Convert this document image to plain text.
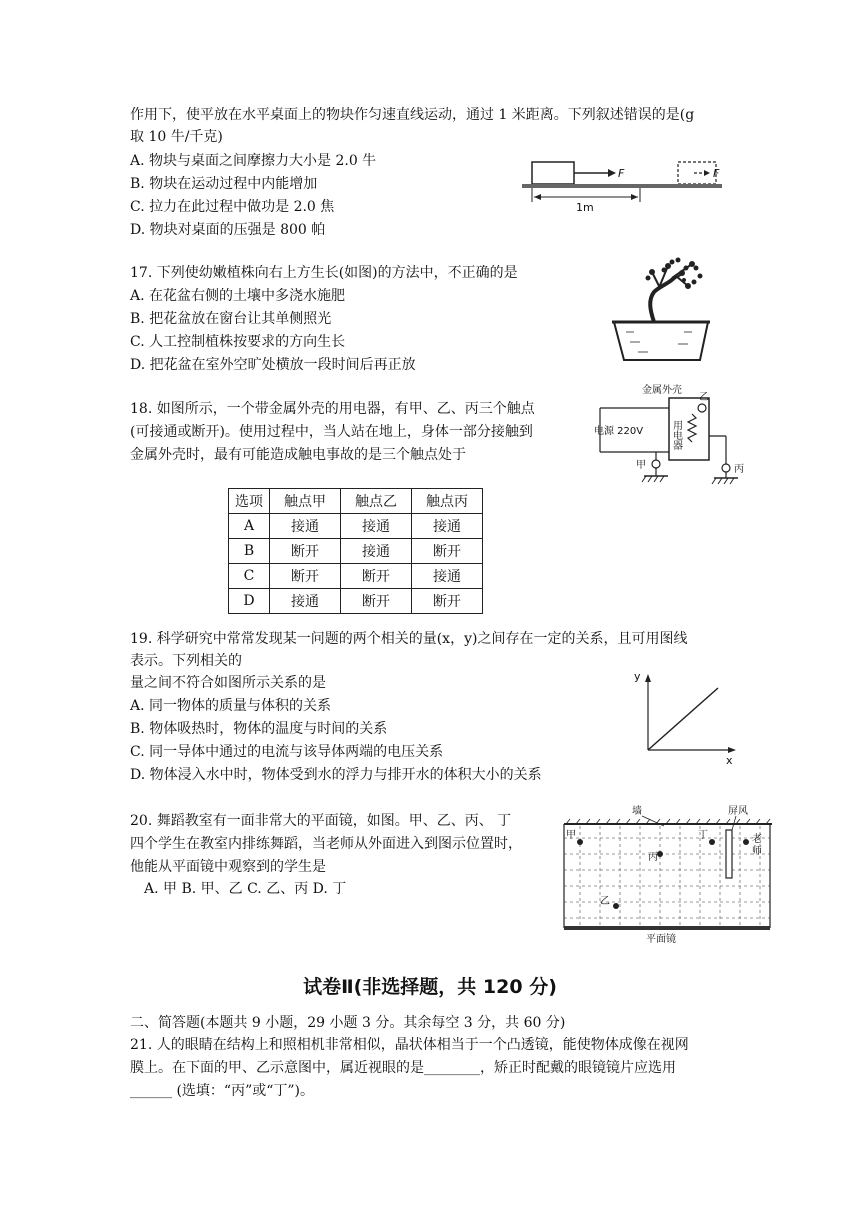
作用下，使平放在水平桌面上的物块作匀速直线运动，通过 1 米距离。下列叙述错误的是(g
取 10 牛/千克)
A. 物块与桌面之间摩擦力大小是 2.0 牛
B. 物块在运动过程中内能增加
C. 拉力在此过程中做功是 2.0 焦
D. 物块对桌面的压强是 800 帕
F	F
1m
17. 下列使幼嫩植株向右上方生长(如图)的方法中，不正确的是
A. 在花盆右侧的土壤中多浇水施肥
B. 把花盆放在窗台让其单侧照光
C. 人工控制植株按要求的方向生长
D. 把花盆在室外空旷处横放一段时间后再正放
18. 如图所示，一个带金属外壳的用电器，有甲、乙、丙三个触点
(可接通或断开)。使用过程中，当人站在地上，身体一部分接触到
金属外壳时，最有可能造成触电事故的是三个触点处于
金属外壳
电源 220V	用电器
乙
丙
甲
选项	触点甲	触点乙	触点丙
A	接通	接通	接通
B	断开	接通	断开
C	断开	断开	接通
D	接通	断开	断开
19. 科学研究中常常发现某一问题的两个相关的量(x，y)之间存在一定的关系，且可用图线
表示。下列相关的
量之间不符合如图所示关系的是
A. 同一物体的质量与体积的关系
B. 物体吸热时，物体的温度与时间的关系
C. 同一导体中通过的电流与该导体两端的电压关系
D. 物体浸入水中时，物体受到水的浮力与排开水的体积大小的关系
y
x
20. 舞蹈教室有一面非常大的平面镜，如图。甲、乙、丙、 丁
四个学生在教室内排练舞蹈，当老师从外面进入到图示位置时，
他能从平面镜中观察到的学生是
A. 甲 B. 甲、乙 C. 乙、丙 D. 丁
墙	屏风
甲
丙
丁
乙
老
师
平面镜
试卷Ⅱ(非选择题，共 120 分)
二、简答题(本题共 9 小题，29 小题 3 分。其余每空 3 分，共 60 分)
21. 人的眼睛在结构上和照相机非常相似，晶状体相当于一个凸透镜，能使物体成像在视网
膜上。在下面的甲、乙示意图中，属近视眼的是________，矫正时配戴的眼镜镜片应选用
______ (选填：“丙”或“丁”)。
